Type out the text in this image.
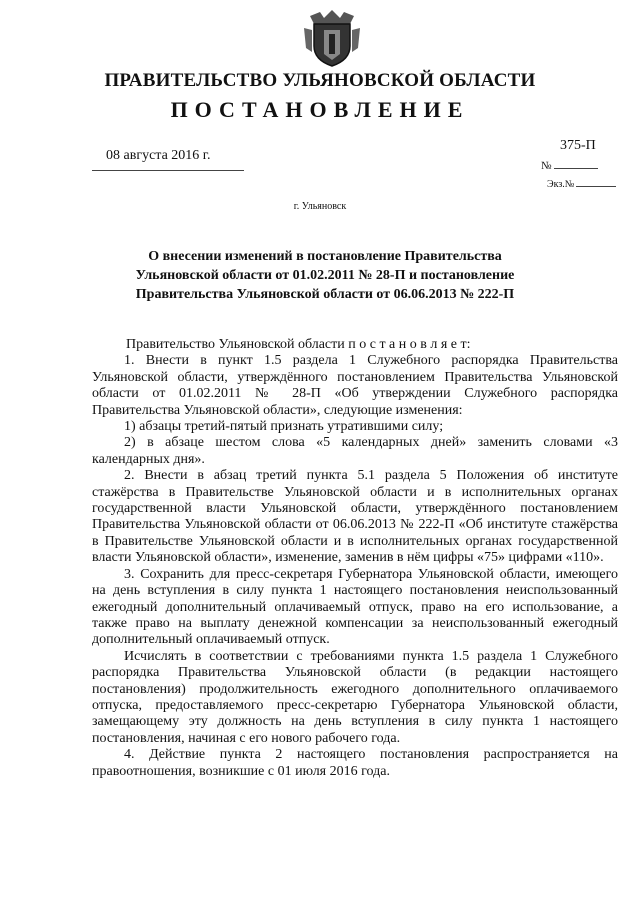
ПРАВИТЕЛЬСТВО УЛЬЯНОВСКОЙ ОБЛАСТИ
ПОСТАНОВЛЕНИЕ
08 августа 2016 г.
375-П
№
Экз.№
г. Ульяновск
О внесении изменений в постановление Правительства
Ульяновской области от 01.02.2011 № 28-П и постановление
Правительства Ульяновской области от 06.06.2013 № 222-П

Правительство Ульяновской области п о с т а н о в л я е т:

1. Внести в пункт 1.5 раздела 1 Служебного распорядка Правительства Ульяновской области, утверждённого постановлением Правительства Ульяновской области от 01.02.2011 № 28-П «Об утверждении Служебного распорядка Правительства Ульяновской области», следующие изменения:

1) абзацы третий-пятый признать утратившими силу;

2) в абзаце шестом слова «5 календарных дней» заменить словами «3 календарных дня».

2. Внести в абзац третий пункта 5.1 раздела 5 Положения об институте стажёрства в Правительстве Ульяновской области и в исполнительных органах государственной власти Ульяновской области, утверждённого постановлением Правительства Ульяновской области от 06.06.2013 № 222-П «Об институте стажёрства в Правительстве Ульяновской области и в исполнительных органах государственной власти Ульяновской области», изменение, заменив в нём цифры «75» цифрами «110».

3. Сохранить для пресс-секретаря Губернатора Ульяновской области, имеющего на день вступления в силу пункта 1 настоящего постановления неиспользованный ежегодный дополнительный оплачиваемый отпуск, право на его использование, а также право на выплату денежной компенсации за неиспользованный ежегодный дополнительный оплачиваемый отпуск.

Исчислять в соответствии с требованиями пункта 1.5 раздела 1 Служебного распорядка Правительства Ульяновской области (в редакции настоящего постановления) продолжительность ежегодного дополнительного оплачиваемого отпуска, предоставляемого пресс-секретарю Губернатора Ульяновской области, замещающему эту должность на день вступления в силу пункта 1 настоящего постановления, начиная с его нового рабочего года.

4. Действие пункта 2 настоящего постановления распространяется на правоотношения, возникшие с 01 июля 2016 года.
